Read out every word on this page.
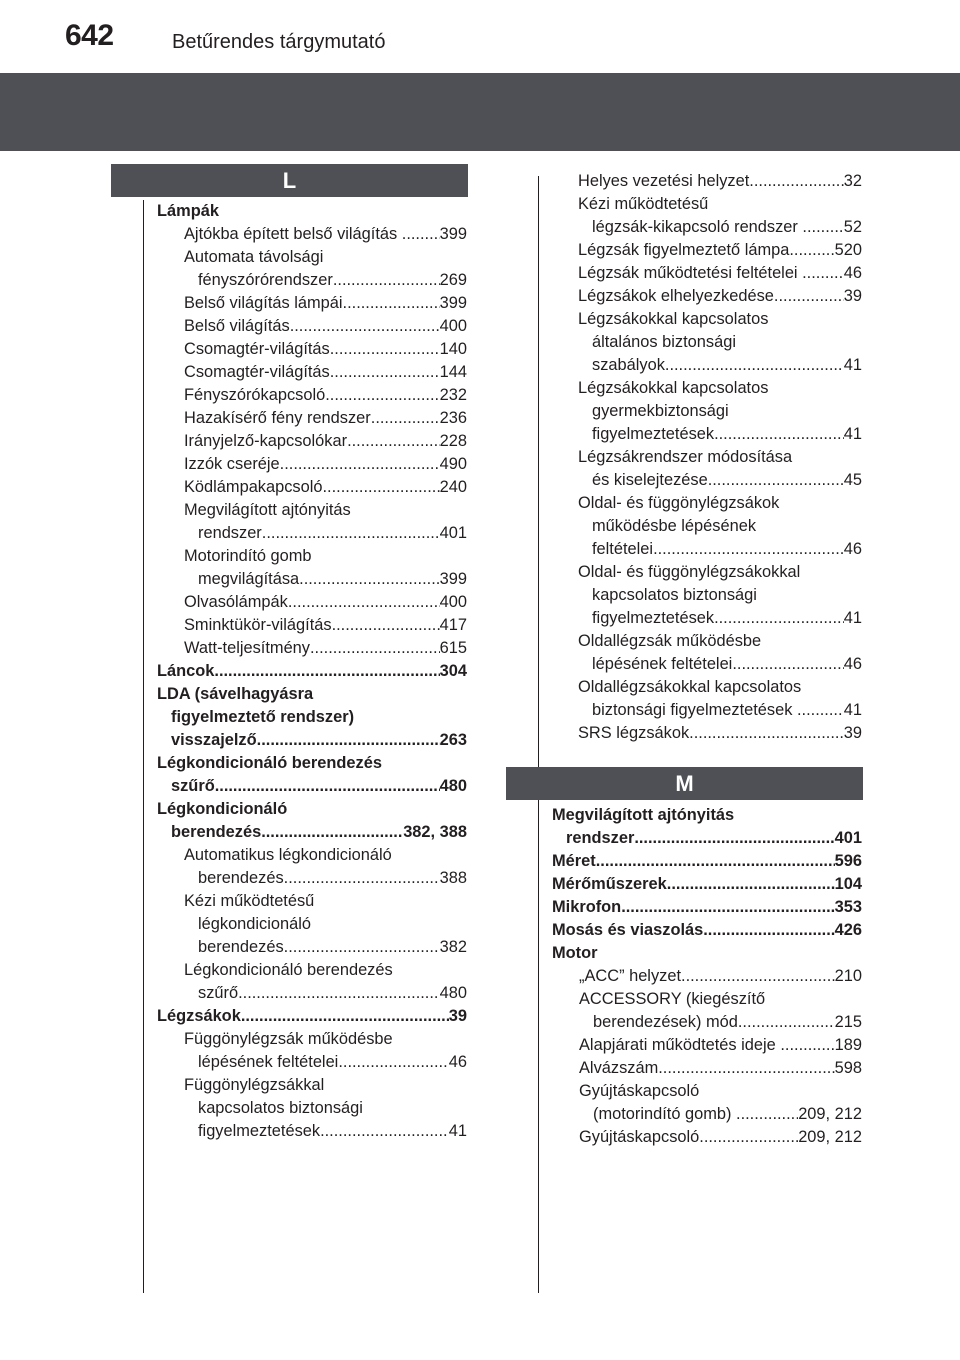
642	Betűrendes tárgymutató
L
M
Lámpák
Ajtókba épített belső világítás .. ..... 399
Automata távolsági
fényszórórendszer .....	269
Belső világítás lámpái .....	399
Belső világítás .....	400
Csomagtér-világítás .....	140
Csomagtér-világítás .....	144
Fényszórókapcsoló .....	232
Hazakísérő fény rendszer .....	236
Irányjelző-kapcsolókar .....	228
Izzók cseréje .....	490
Ködlámpakapcsoló .....	240
Megvilágított ajtónyitás
rendszer .....	401
Motorindító gomb
megvilágítása .....	399
Olvasólámpák .....	400
Sminktükör-világítás .....	417
Watt-teljesítmény .....	615
Láncok .....	304
LDA (sávelhagyásra
figyelmeztető rendszer)
visszajelző .....	263
Légkondicionáló berendezés
szűrő .....	480
Légkondicionáló
berendezés .....	382, 388
Automatikus légkondicionáló
berendezés .....	388
Kézi működtetésű
légkondicionáló
berendezés .....	382
Légkondicionáló berendezés
szűrő .....	480
Légzsákok .....	39
Függönylégzsák működésbe
lépésének feltételei .....	46
Függönylégzsákkal
kapcsolatos biztonsági
figyelmeztetések .....	41
Helyes vezetési helyzet .....	32
Kézi működtetésű
légzsák-kikapcsoló rendszer ... ..... 52
Légzsák figyelmeztető lámpa... ..... 520
Légzsák működtetési feltételei ... ..... 46
Légzsákok elhelyezkedése .....	39
Légzsákokkal kapcsolatos
általános biztonsági
szabályok .....	41
Légzsákokkal kapcsolatos
gyermekbiztonsági
figyelmeztetések .....	41
Légzsákrendszer módosítása
és kiselejtezése .....	45
Oldal- és függönylégzsákok
működésbe lépésének
feltételei .....	46
Oldal- és függönylégzsákokkal
kapcsolatos biztonsági
figyelmeztetések .....	41
Oldallégzsák működésbe
lépésének feltételei .....	46
Oldallégzsákokkal kapcsolatos
biztonsági figyelmeztetések .... ..... 41
SRS légzsákok .....	39
Megvilágított ajtónyitás
rendszer .....	401
Méret .....	596
Mérőműszerek .....	104
Mikrofon .....	353
Mosás és viaszolás .....	426
Motor
„ACC” helyzet .....	210
ACCESSORY (kiegészítő
berendezések) mód .....	215
Alapjárati működtetés ideje ...... ..... 189
Alvázszám .....	598
Gyújtáskapcsoló
(motorindító gomb) ........ ..... 209, 212
Gyújtáskapcsoló .....	209, 212
